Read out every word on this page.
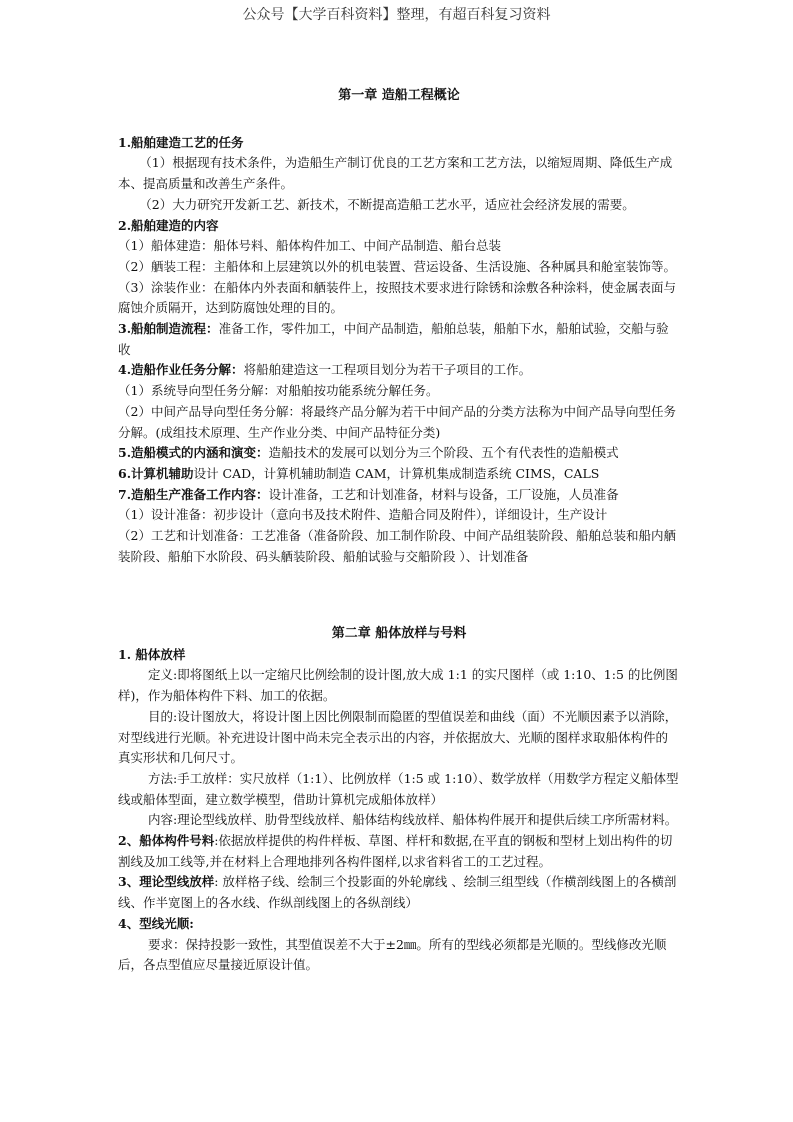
公众号【大学百科资料】整理，有超百科复习资料

第一章 造船工程概论

1.船舶建造工艺的任务

（1）根据现有技术条件，为造船生产制订优良的工艺方案和工艺方法，以缩短周期、降低生产成本、提高质量和改善生产条件。

（2）大力研究开发新工艺、新技术，不断提高造船工艺水平，适应社会经济发展的需要。

2.船舶建造的内容

（1）船体建造：船体号料、船体构件加工、中间产品制造、船台总装

（2）舾装工程：主船体和上层建筑以外的机电装置、营运设备、生活设施、各种属具和舱室装饰等。

（3）涂装作业：在船体内外表面和舾装件上，按照技术要求进行除锈和涂敷各种涂料，使金属表面与腐蚀介质隔开，达到防腐蚀处理的目的。

3.船舶制造流程：准备工作，零件加工，中间产品制造，船舶总装，船舶下水，船舶试验，交船与验收

4.造船作业任务分解：将船舶建造这一工程项目划分为若干子项目的工作。

（1）系统导向型任务分解：对船舶按功能系统分解任务。

（2）中间产品导向型任务分解：将最终产品分解为若干中间产品的分类方法称为中间产品导向型任务分解。(成组技术原理、生产作业分类、中间产品特征分类)

5.造船模式的内涵和演变：造船技术的发展可以划分为三个阶段、五个有代表性的造船模式

6.计算机辅助设计 CAD，计算机辅助制造 CAM，计算机集成制造系统 CIMS，CALS

7.造船生产准备工作内容：设计准备，工艺和计划准备，材料与设备，工厂设施，人员准备

（1）设计准备：初步设计（意向书及技术附件、造船合同及附件），详细设计，生产设计

（2）工艺和计划准备：工艺准备（准备阶段、加工制作阶段、中间产品组装阶段、船舶总装和船内舾装阶段、船舶下水阶段、码头舾装阶段、船舶试验与交船阶段 ）、计划准备

第二章 船体放样与号料

1. 船体放样

定义:即将图纸上以一定缩尺比例绘制的设计图,放大成 1:1 的实尺图样（或 1:10、1:5 的比例图样)，作为船体构件下料、加工的依据。

目的:设计图放大，将设计图上因比例限制而隐匿的型值误差和曲线（面）不光顺因素予以消除，对型线进行光顺。补充进设计图中尚未完全表示出的内容，并依据放大、光顺的图样求取船体构件的真实形状和几何尺寸。

方法:手工放样：实尺放样（1:1）、比例放样（1:5 或 1:10）、数学放样（用数学方程定义船体型线或船体型面，建立数学模型，借助计算机完成船体放样）

内容:理论型线放样、肋骨型线放样、船体结构线放样、船体构件展开和提供后续工序所需材料。

2、船体构件号料:依据放样提供的构件样板、草图、样杆和数据,在平直的钢板和型材上划出构件的切割线及加工线等,并在材料上合理地排列各构件图样,以求省料省工的工艺过程。

3、理论型线放样: 放样格子线、绘制三个投影面的外轮廓线 、绘制三组型线（作横剖线图上的各横剖线、作半宽图上的各水线、作纵剖线图上的各纵剖线）

4、型线光顺:

要求：保持投影一致性，其型值误差不大于±2㎜。所有的型线必须都是光顺的。型线修改光顺后，各点型值应尽量接近原设计值。
